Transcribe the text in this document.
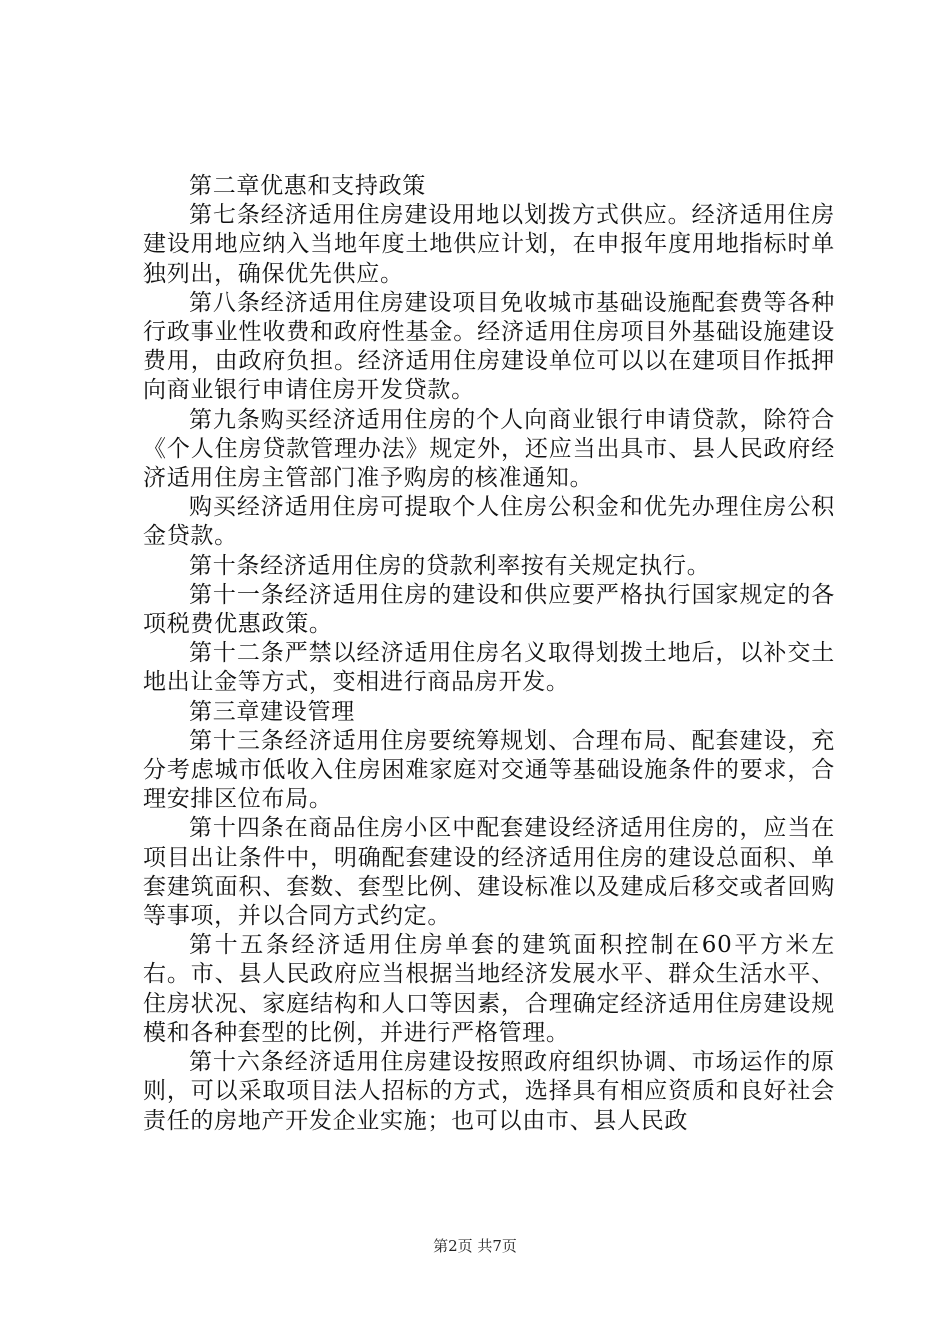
第二章优惠和支持政策

第七条经济适用住房建设用地以划拨方式供应。经济适用住房建设用地应纳入当地年度土地供应计划，在申报年度用地指标时单独列出，确保优先供应。

第八条经济适用住房建设项目免收城市基础设施配套费等各种行政事业性收费和政府性基金。经济适用住房项目外基础设施建设费用，由政府负担。经济适用住房建设单位可以以在建项目作抵押向商业银行申请住房开发贷款。

第九条购买经济适用住房的个人向商业银行申请贷款，除符合《个人住房贷款管理办法》规定外，还应当出具市、县人民政府经济适用住房主管部门准予购房的核准通知。

购买经济适用住房可提取个人住房公积金和优先办理住房公积金贷款。

第十条经济适用住房的贷款利率按有关规定执行。

第十一条经济适用住房的建设和供应要严格执行国家规定的各项税费优惠政策。

第十二条严禁以经济适用住房名义取得划拨土地后，以补交土地出让金等方式，变相进行商品房开发。

第三章建设管理

第十三条经济适用住房要统筹规划、合理布局、配套建设，充分考虑城市低收入住房困难家庭对交通等基础设施条件的要求，合理安排区位布局。

第十四条在商品住房小区中配套建设经济适用住房的，应当在项目出让条件中，明确配套建设的经济适用住房的建设总面积、单套建筑面积、套数、套型比例、建设标准以及建成后移交或者回购等事项，并以合同方式约定。

第十五条经济适用住房单套的建筑面积控制在60平方米左右。市、县人民政府应当根据当地经济发展水平、群众生活水平、住房状况、家庭结构和人口等因素，合理确定经济适用住房建设规模和各种套型的比例，并进行严格管理。

第十六条经济适用住房建设按照政府组织协调、市场运作的原则，可以采取项目法人招标的方式，选择具有相应资质和良好社会责任的房地产开发企业实施；也可以由市、县人民政

第2页 共7页
